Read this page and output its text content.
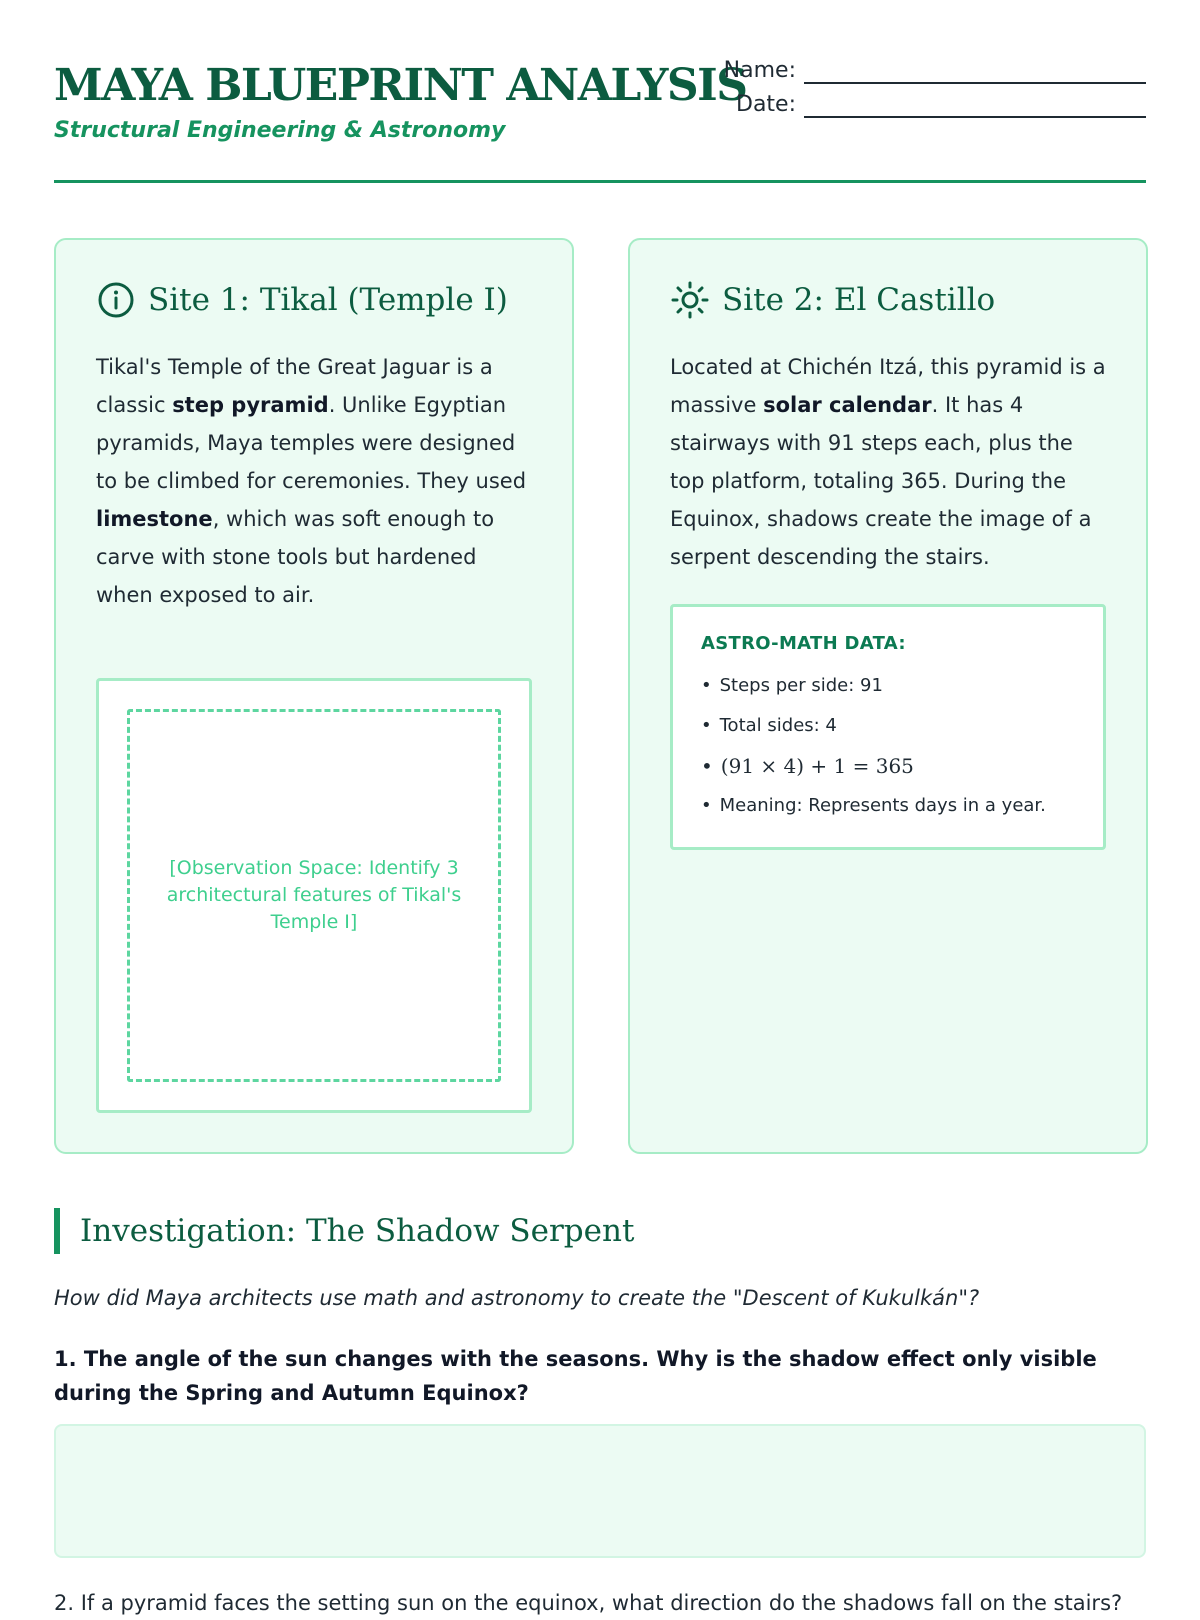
MAYA BLUEPRINT ANALYSIS
Structural Engineering & Astronomy
Name:
Date:
Site 1: Tikal (Temple I)
Tikal's Temple of the Great Jaguar is a classic step pyramid. Unlike Egyptian pyramids, Maya temples were designed to be climbed for ceremonies. They used limestone, which was soft enough to carve with stone tools but hardened when exposed to air.
[Observation Space: Identify 3 architectural features of Tikal's Temple I]
Site 2: El Castillo
Located at Chichén Itzá, this pyramid is a massive solar calendar. It has 4 stairways with 91 steps each, plus the top platform, totaling 365. During the Equinox, shadows create the image of a serpent descending the stairs.
ASTRO-MATH DATA:
• Steps per side: 91
• Total sides: 4
• (91 × 4) + 1 = 365
• Meaning: Represents days in a year.
Investigation: The Shadow Serpent
How did Maya architects use math and astronomy to create the "Descent of Kukulkán"?
1. The angle of the sun changes with the seasons. Why is the shadow effect only visible during the Spring and Autumn Equinox?
2. If a pyramid faces the setting sun on the equinox, what direction do the shadows fall on the stairs?
